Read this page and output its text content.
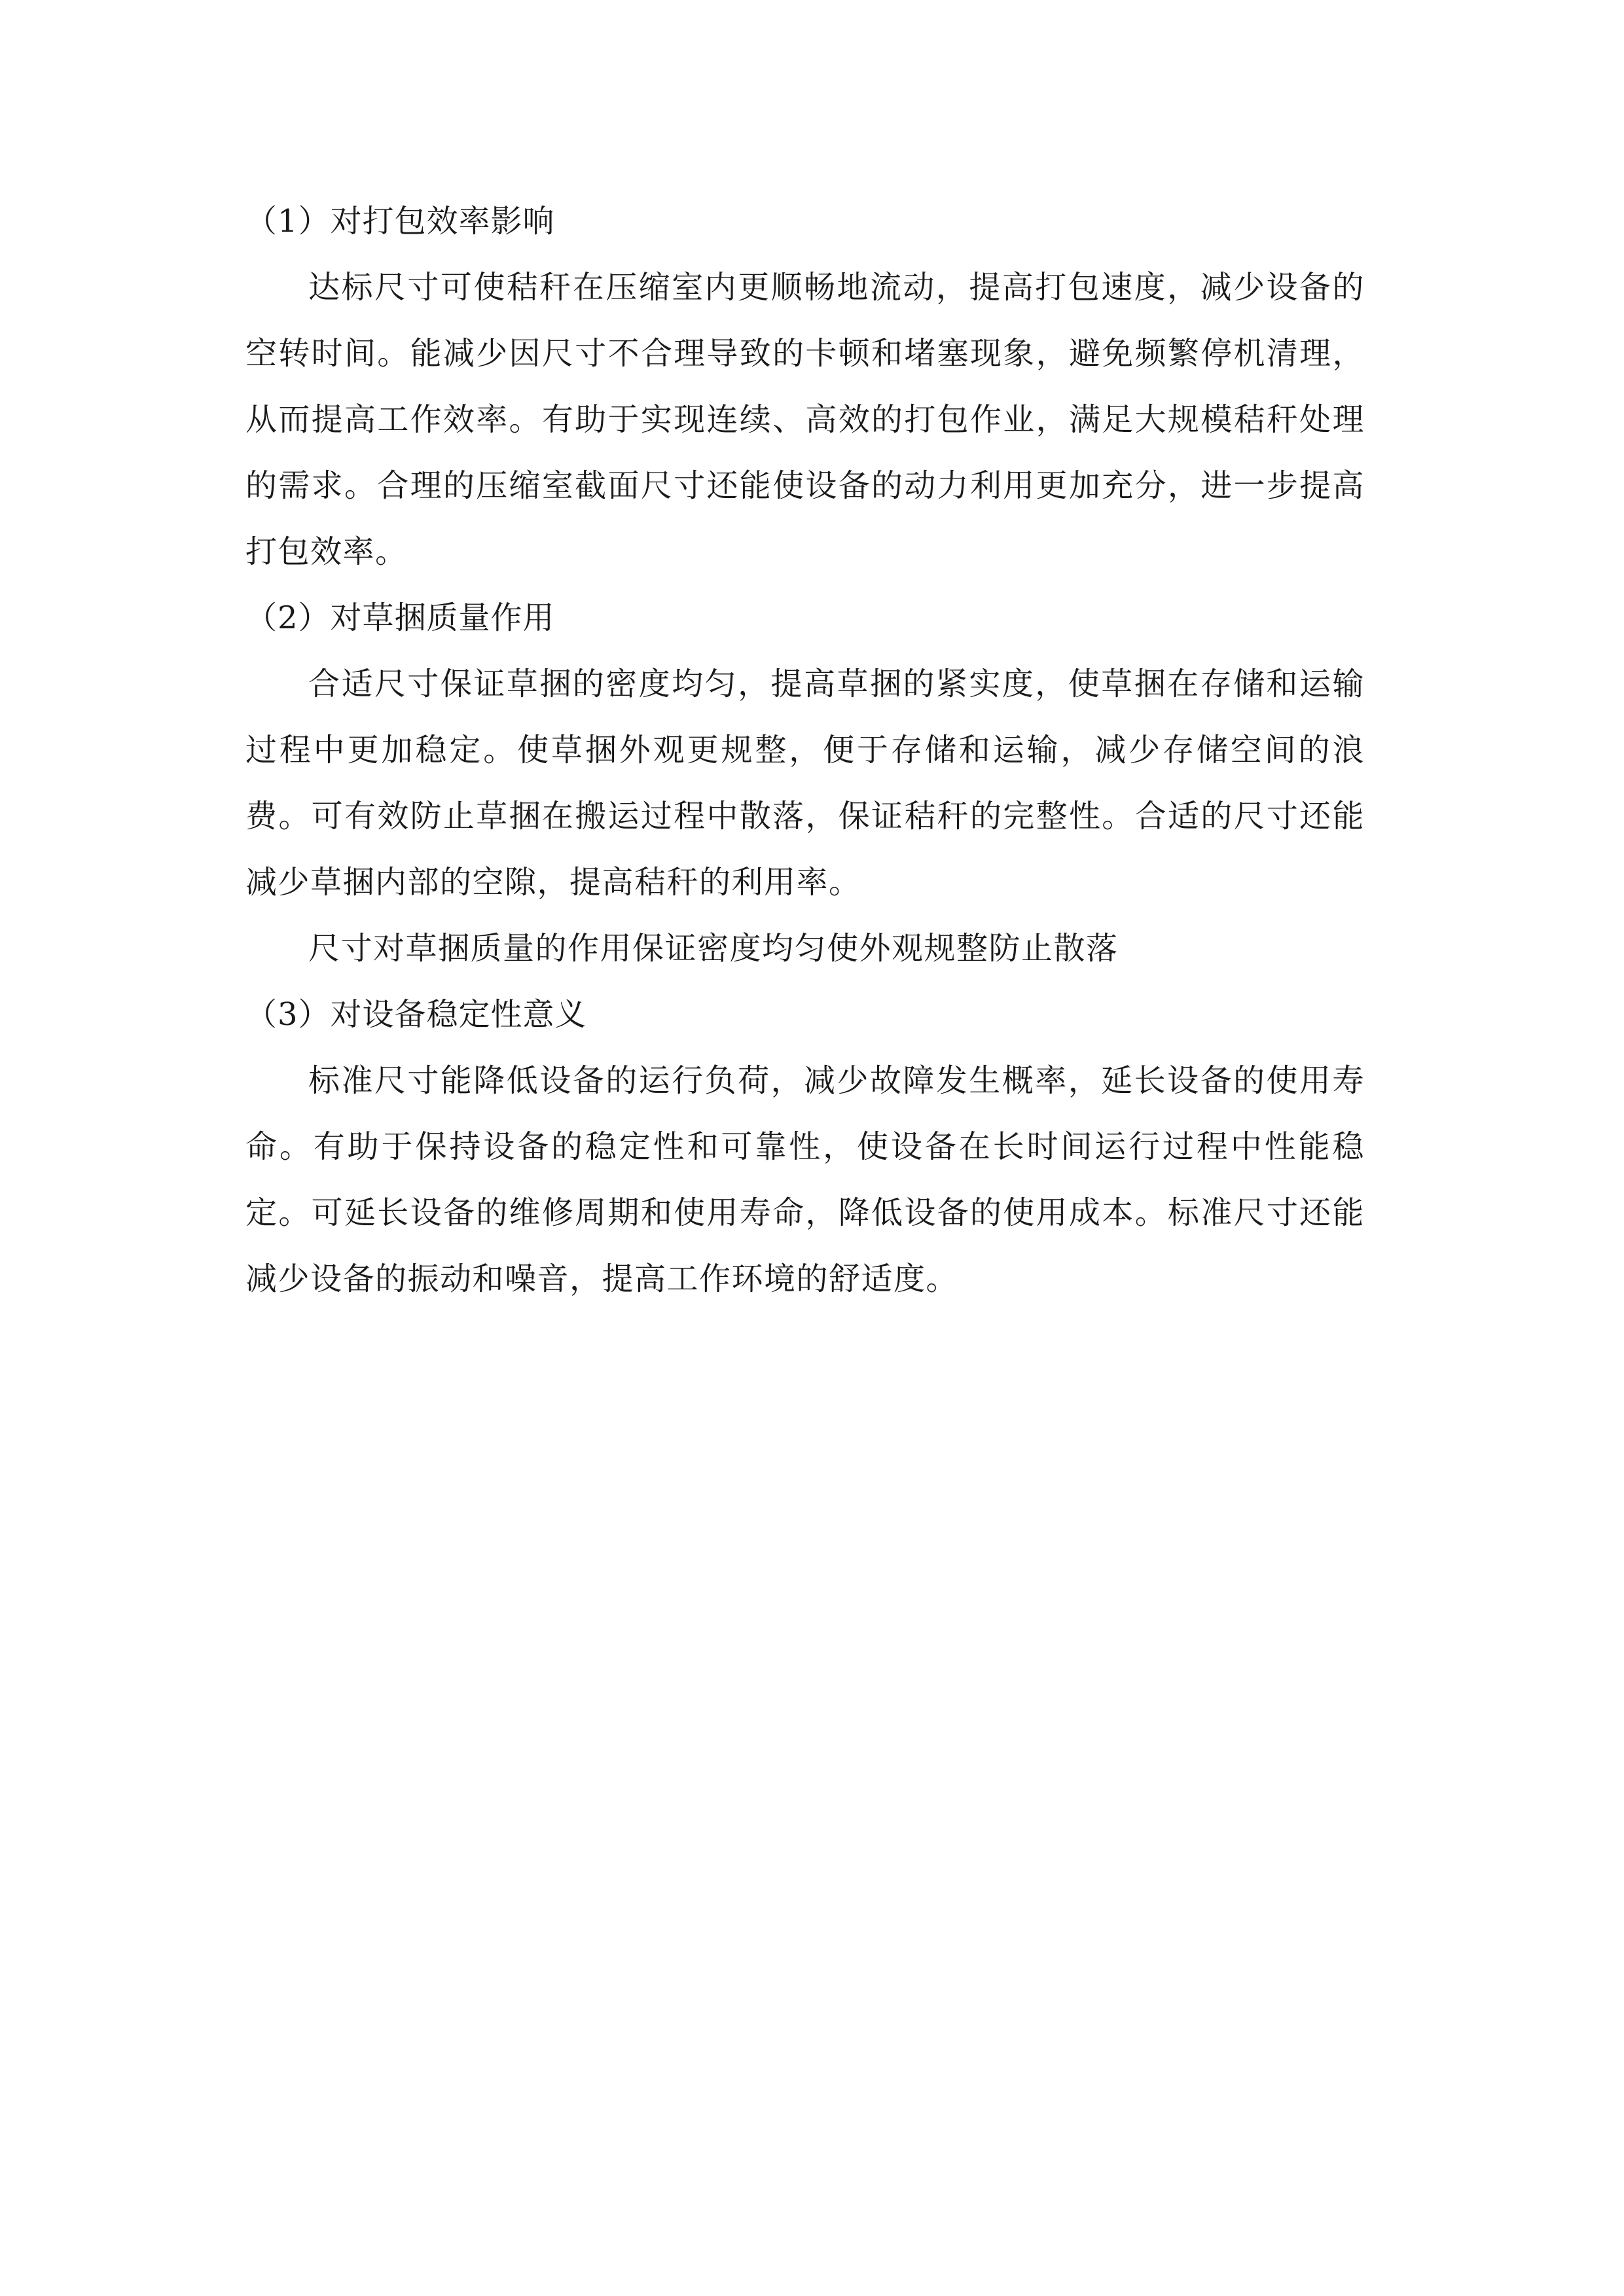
（1）对打包效率影响

达标尺寸可使秸秆在压缩室内更顺畅地流动，提高打包速度，减少设备的空转时间。能减少因尺寸不合理导致的卡顿和堵塞现象，避免频繁停机清理，从而提高工作效率。有助于实现连续、高效的打包作业，满足大规模秸秆处理的需求。合理的压缩室截面尺寸还能使设备的动力利用更加充分，进一步提高打包效率。

（2）对草捆质量作用

合适尺寸保证草捆的密度均匀，提高草捆的紧实度，使草捆在存储和运输过程中更加稳定。使草捆外观更规整，便于存储和运输，减少存储空间的浪费。可有效防止草捆在搬运过程中散落，保证秸秆的完整性。合适的尺寸还能减少草捆内部的空隙，提高秸秆的利用率。

尺寸对草捆质量的作用保证密度均匀使外观规整防止散落

（3）对设备稳定性意义

标准尺寸能降低设备的运行负荷，减少故障发生概率，延长设备的使用寿命。有助于保持设备的稳定性和可靠性，使设备在长时间运行过程中性能稳定。可延长设备的维修周期和使用寿命，降低设备的使用成本。标准尺寸还能减少设备的振动和噪音，提高工作环境的舒适度。
